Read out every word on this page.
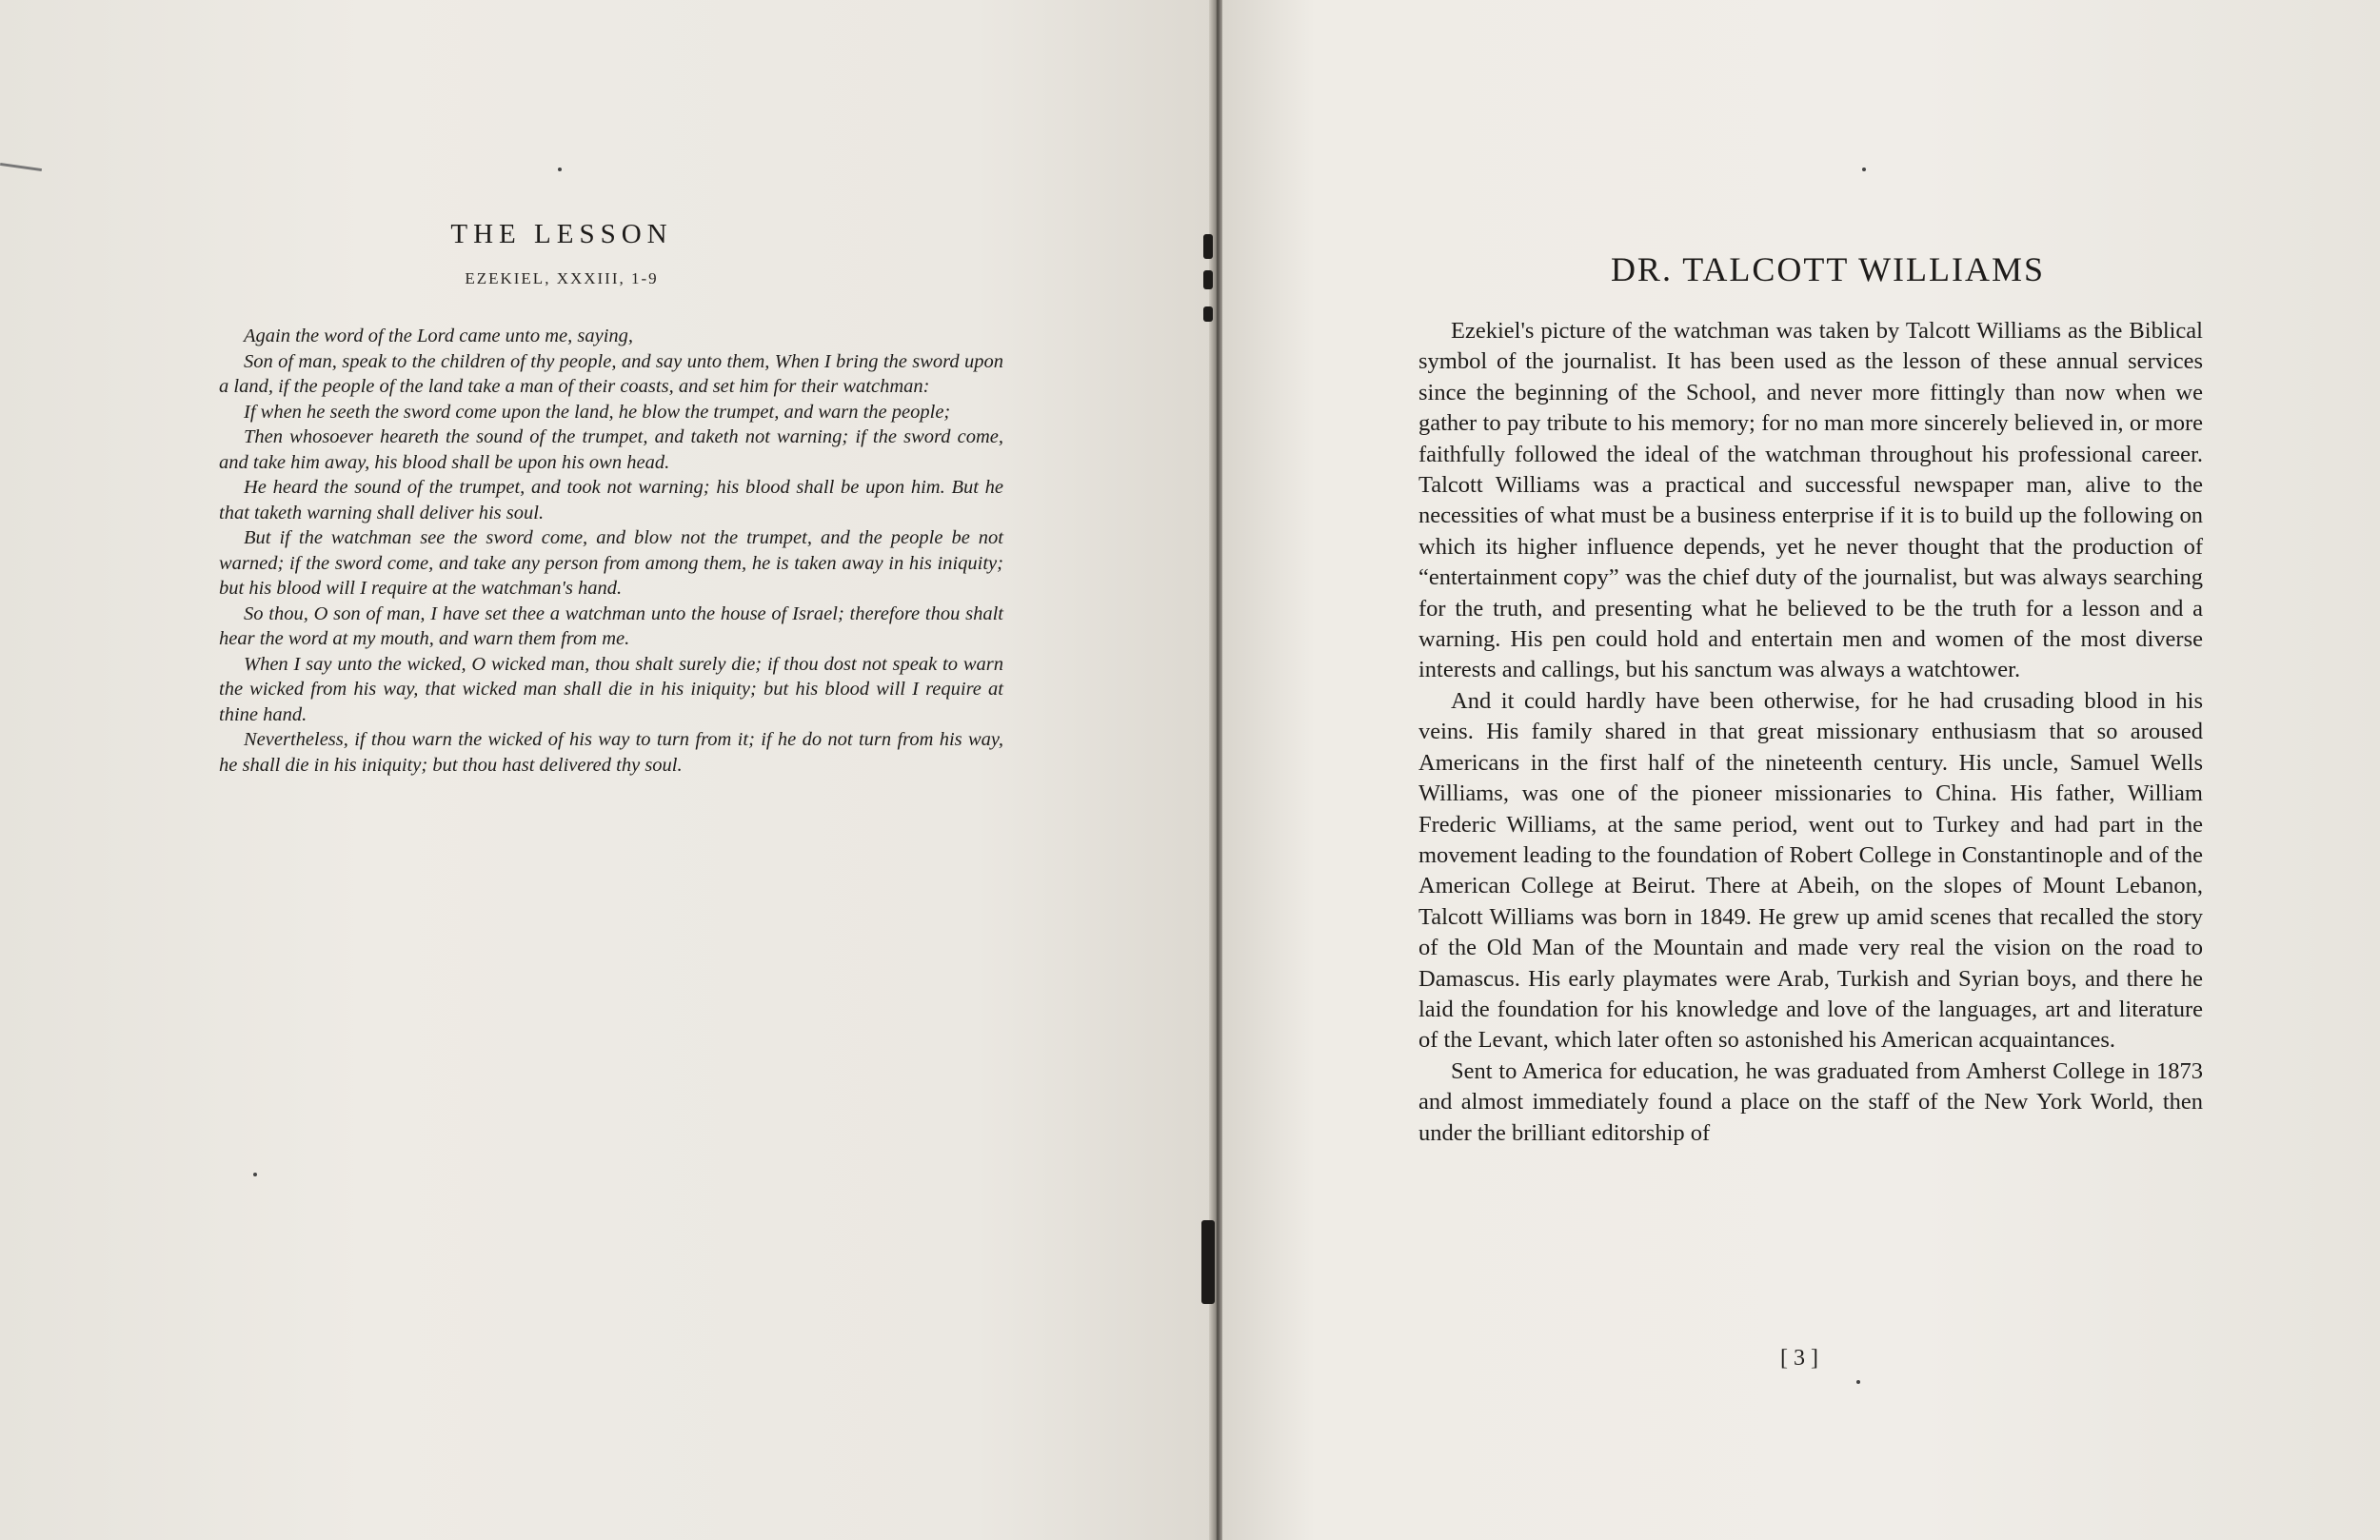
THE LESSON
EZEKIEL, XXXIII, 1-9

Again the word of the Lord came unto me, saying,

Son of man, speak to the children of thy people, and say unto them, When I bring the sword upon a land, if the people of the land take a man of their coasts, and set him for their watchman:

If when he seeth the sword come upon the land, he blow the trumpet, and warn the people;

Then whosoever heareth the sound of the trumpet, and taketh not warning; if the sword come, and take him away, his blood shall be upon his own head.

He heard the sound of the trumpet, and took not warning; his blood shall be upon him. But he that taketh warning shall deliver his soul.

But if the watchman see the sword come, and blow not the trumpet, and the people be not warned; if the sword come, and take any person from among them, he is taken away in his iniquity; but his blood will I require at the watchman's hand.

So thou, O son of man, I have set thee a watchman unto the house of Israel; therefore thou shalt hear the word at my mouth, and warn them from me.

When I say unto the wicked, O wicked man, thou shalt surely die; if thou dost not speak to warn the wicked from his way, that wicked man shall die in his iniquity; but his blood will I require at thine hand.

Nevertheless, if thou warn the wicked of his way to turn from it; if he do not turn from his way, he shall die in his iniquity; but thou hast delivered thy soul.

DR. TALCOTT WILLIAMS

Ezekiel's picture of the watchman was taken by Talcott Williams as the Biblical symbol of the journalist. It has been used as the lesson of these annual services since the beginning of the School, and never more fittingly than now when we gather to pay tribute to his memory; for no man more sincerely believed in, or more faithfully followed the ideal of the watchman throughout his professional career. Talcott Williams was a practical and successful newspaper man, alive to the necessities of what must be a business enterprise if it is to build up the following on which its higher influence depends, yet he never thought that the production of “entertainment copy” was the chief duty of the journalist, but was always searching for the truth, and presenting what he believed to be the truth for a lesson and a warning. His pen could hold and entertain men and women of the most diverse interests and callings, but his sanctum was always a watchtower.

And it could hardly have been otherwise, for he had crusading blood in his veins. His family shared in that great missionary enthusiasm that so aroused Americans in the first half of the nineteenth century. His uncle, Samuel Wells Williams, was one of the pioneer missionaries to China. His father, William Frederic Williams, at the same period, went out to Turkey and had part in the movement leading to the foundation of Robert College in Constantinople and of the American College at Beirut. There at Abeih, on the slopes of Mount Lebanon, Talcott Williams was born in 1849. He grew up amid scenes that recalled the story of the Old Man of the Mountain and made very real the vision on the road to Damascus. His early playmates were Arab, Turkish and Syrian boys, and there he laid the foundation for his knowledge and love of the languages, art and literature of the Levant, which later often so astonished his American acquaintances.

Sent to America for education, he was graduated from Amherst College in 1873 and almost immediately found a place on the staff of the New York World, then under the brilliant editorship of

[ 3 ]
